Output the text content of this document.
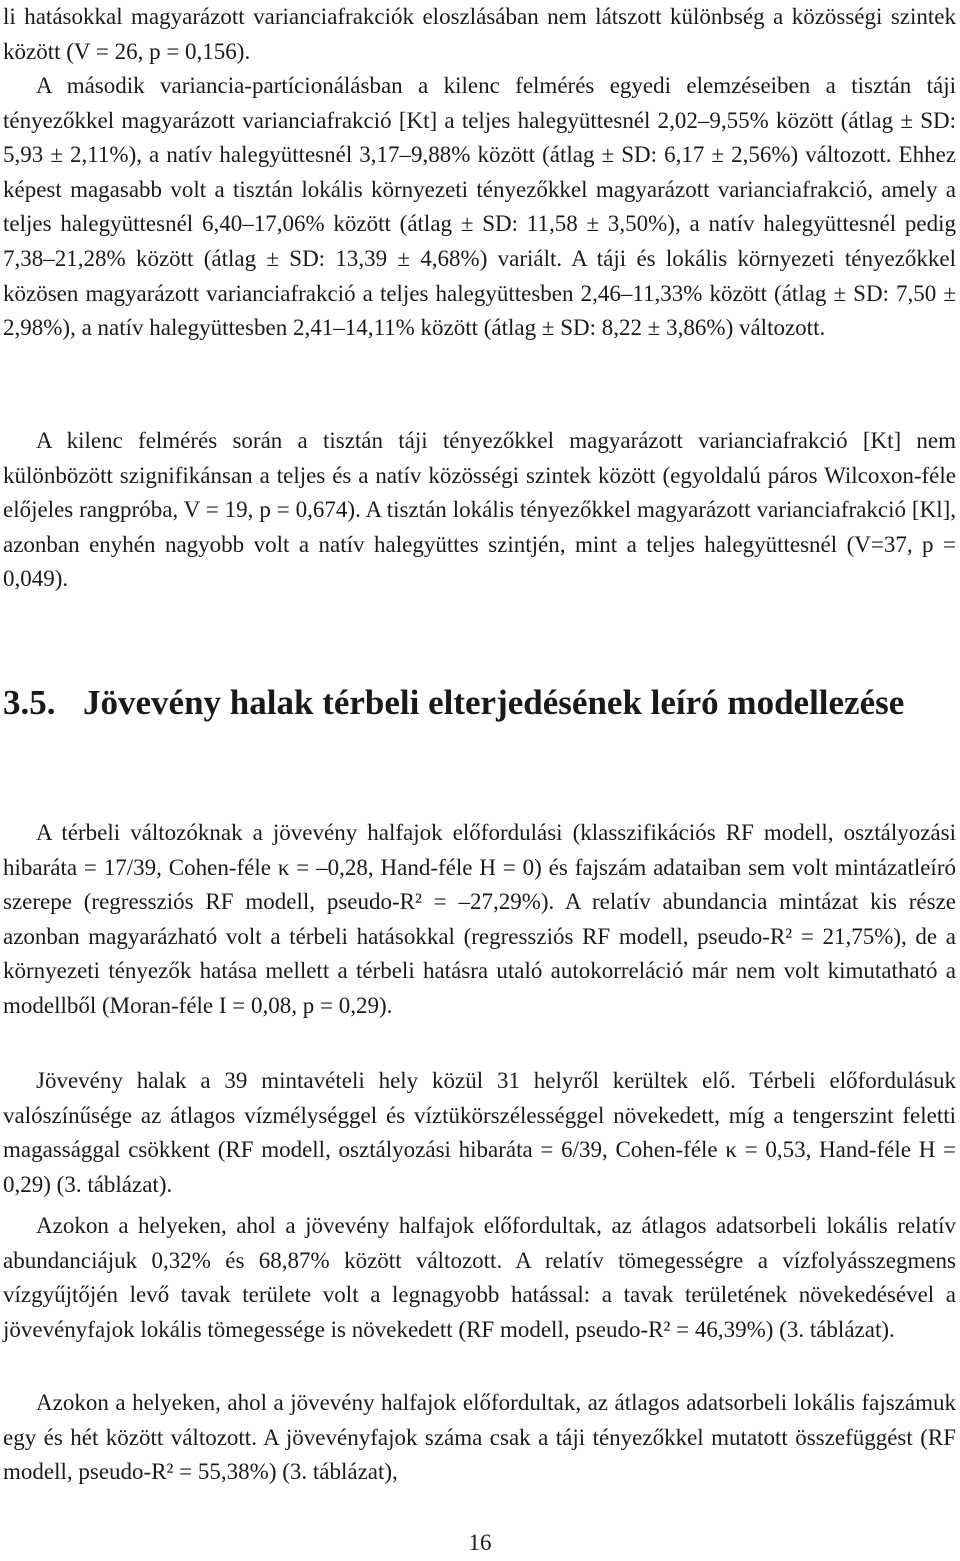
li hatásokkal magyarázott varianciafrakciók eloszlásában nem látszott különbség a közösségi szintek között (V = 26, p = 0,156).

A második variancia-partícionálásban a kilenc felmérés egyedi elemzéseiben a tisztán táji tényezőkkel magyarázott varianciafrakció [Kt] a teljes halegyüttesnél 2,02–9,55% között (átlag ± SD: 5,93 ± 2,11%), a natív halegyüttesnél 3,17–9,88% között (átlag ± SD: 6,17 ± 2,56%) változott. Ehhez képest magasabb volt a tisztán lokális környezeti tényezőkkel magyarázott varianciafrakció, amely a teljes halegyüttesnél 6,40–17,06% között (átlag ± SD: 11,58 ± 3,50%), a natív halegyüttesnél pedig 7,38–21,28% között (átlag ± SD: 13,39 ± 4,68%) variált. A táji és lokális környezeti tényezőkkel közösen magyarázott varianciafrakció a teljes halegyüttesben 2,46–11,33% között (átlag ± SD: 7,50 ± 2,98%), a natív halegyüttesben 2,41–14,11% között (átlag ± SD: 8,22 ± 3,86%) változott.

A kilenc felmérés során a tisztán táji tényezőkkel magyarázott varianciafrakció [Kt] nem különbözött szignifikánsan a teljes és a natív közösségi szintek között (egyoldalú páros Wilcoxon-féle előjeles rangpróba, V = 19, p = 0,674). A tisztán lokális tényezőkkel magyarázott varianciafrakció [Kl], azonban enyhén nagyobb volt a natív halegyüttes szintjén, mint a teljes halegyüttesnél (V=37, p = 0,049).

3.5. Jövevény halak térbeli elterjedésének leíró modellezése

A térbeli változóknak a jövevény halfajok előfordulási (klasszifikációs RF modell, osztályozási hibaráta = 17/39, Cohen-féle κ = –0,28, Hand-féle H = 0) és fajszám adataiban sem volt mintázatleíró szerepe (regressziós RF modell, pseudo-R² = –27,29%). A relatív abundancia mintázat kis része azonban magyarázható volt a térbeli hatásokkal (regressziós RF modell, pseudo-R² = 21,75%), de a környezeti tényezők hatása mellett a térbeli hatásra utaló autokorreláció már nem volt kimutatható a modellből (Moran-féle I = 0,08, p = 0,29).

Jövevény halak a 39 mintavételi hely közül 31 helyről kerültek elő. Térbeli előfordulásuk valószínűsége az átlagos vízmélységgel és víztükörszélességgel növekedett, míg a tengerszint feletti magassággal csökkent (RF modell, osztályozási hibaráta = 6/39, Cohen-féle κ = 0,53, Hand-féle H = 0,29) (3. táblázat).

Azokon a helyeken, ahol a jövevény halfajok előfordultak, az átlagos adatsorbeli lokális relatív abundanciájuk 0,32% és 68,87% között változott. A relatív tömegességre a vízfolyásszegmens vízgyűjtőjén levő tavak területe volt a legnagyobb hatással: a tavak területének növekedésével a jövevényfajok lokális tömegessége is növekedett (RF modell, pseudo-R² = 46,39%) (3. táblázat).

Azokon a helyeken, ahol a jövevény halfajok előfordultak, az átlagos adatsorbeli lokális fajszámuk egy és hét között változott. A jövevényfajok száma csak a táji tényezőkkel mutatott összefüggést (RF modell, pseudo-R² = 55,38%) (3. táblázat),

16
